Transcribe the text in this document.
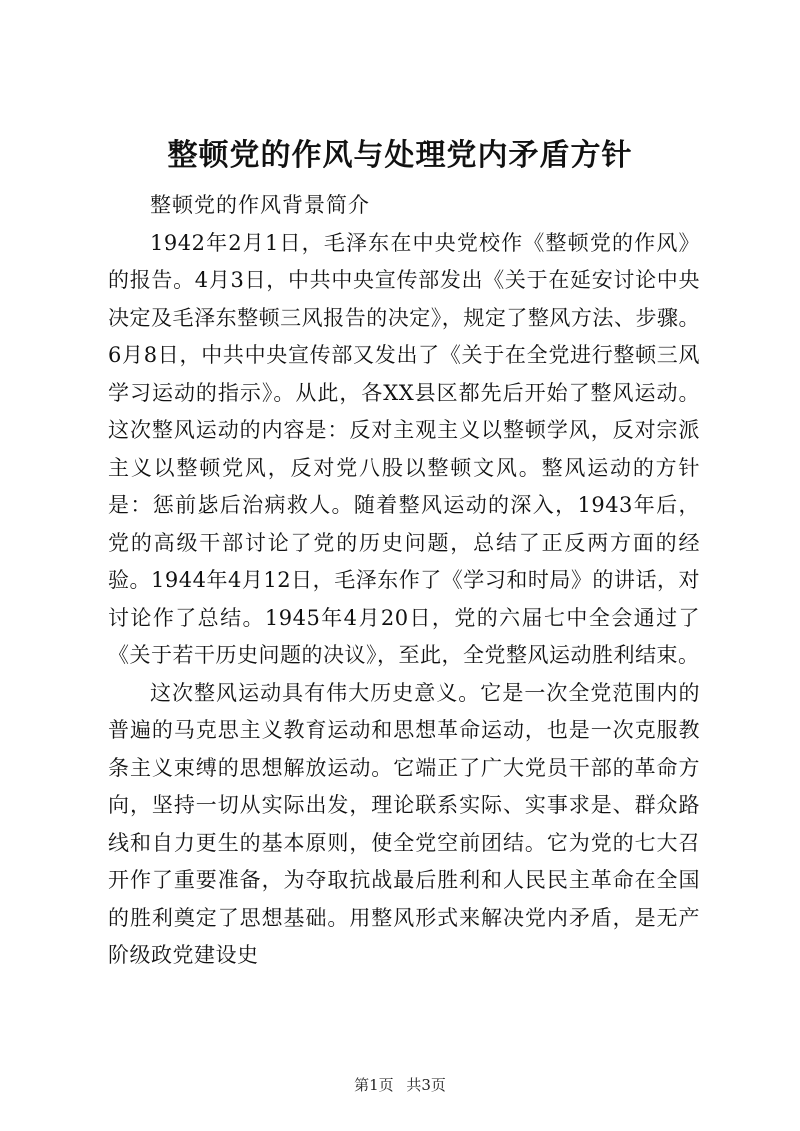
整顿党的作风与处理党内矛盾方针

整顿党的作风背景简介

1942年2月1日，毛泽东在中央党校作《整顿党的作风》的报告。4月3日，中共中央宣传部发出《关于在延安讨论中央决定及毛泽东整顿三风报告的决定》，规定了整风方法、步骤。6月8日，中共中央宣传部又发出了《关于在全党进行整顿三风学习运动的指示》。从此，各XX县区都先后开始了整风运动。这次整风运动的内容是：反对主观主义以整顿学风，反对宗派主义以整顿党风，反对党八股以整顿文风。整风运动的方针是：惩前毖后治病救人。随着整风运动的深入，1943年后，党的高级干部讨论了党的历史问题，总结了正反两方面的经验。1944年4月12日，毛泽东作了《学习和时局》的讲话，对讨论作了总结。1945年4月20日，党的六届七中全会通过了《关于若干历史问题的决议》，至此，全党整风运动胜利结束。

这次整风运动具有伟大历史意义。它是一次全党范围内的普遍的马克思主义教育运动和思想革命运动，也是一次克服教条主义束缚的思想解放运动。它端正了广大党员干部的革命方向，坚持一切从实际出发，理论联系实际、实事求是、群众路线和自力更生的基本原则，使全党空前团结。它为党的七大召开作了重要准备，为夺取抗战最后胜利和人民民主革命在全国的胜利奠定了思想基础。用整风形式来解决党内矛盾，是无产阶级政党建设史

第1页 共3页
